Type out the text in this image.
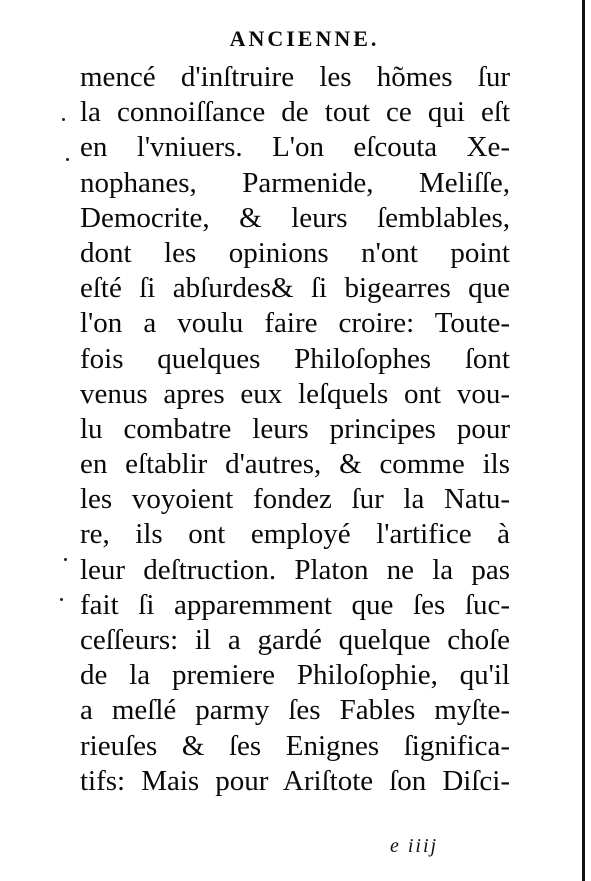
ANCIENNE.
mencé d'inſtruire les hõmes ſur
la connoiſſance de tout ce qui eſt
en l'vniuers. L'on eſcouta Xe-
nophanes, Parmenide, Meliſſe,
Democrite, & leurs ſemblables,
dont les opinions n'ont point
eſté ſi abſurdes& ſi bigearres que
l'on a voulu faire croire: Toute-
fois quelques Philoſophes ſont
venus apres eux leſquels ont vou-
lu combatre leurs principes pour
en eſtablir d'autres, & comme ils
les voyoient fondez ſur la Natu-
re, ils ont employé l'artifice à
leur deſtruction. Platon ne la pas
fait ſi apparemment que ſes ſuc-
ceſſeurs: il a gardé quelque choſe
de la premiere Philoſophie, qu'il
a meſlé parmy ſes Fables myſte-
rieuſes & ſes Enignes ſignifica-
tifs: Mais pour Ariſtote ſon Diſci-
e iiij
